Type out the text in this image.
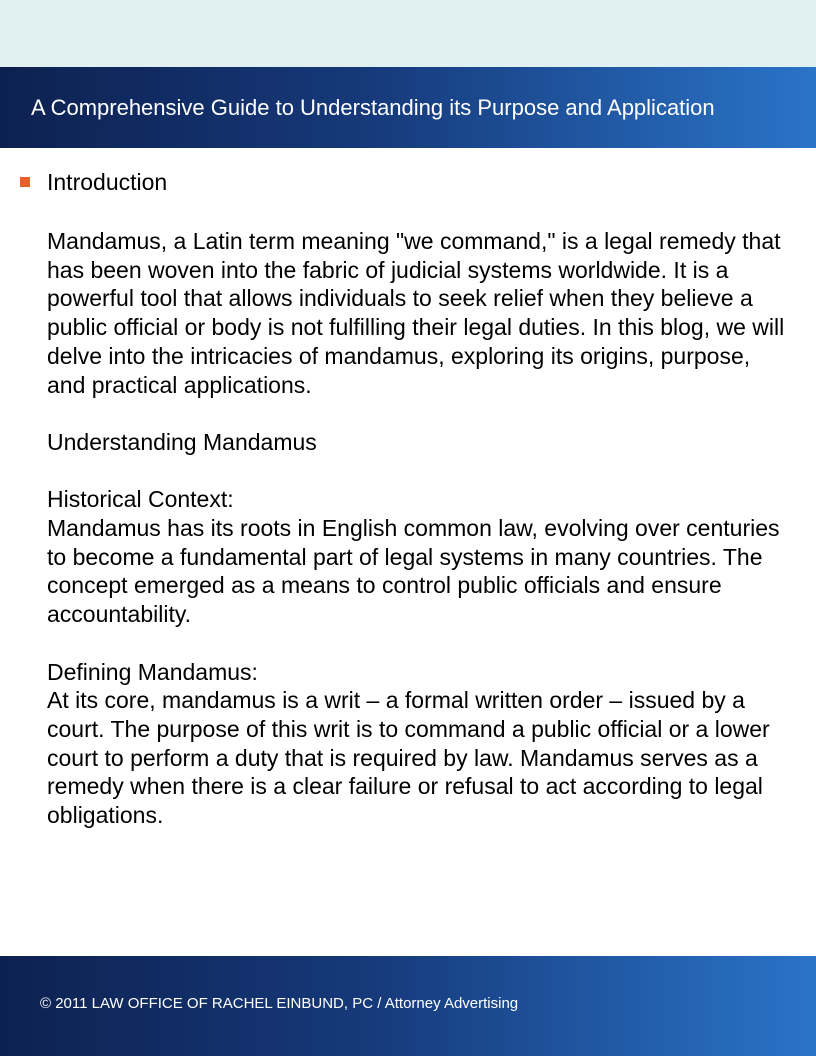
A Comprehensive Guide to Understanding its Purpose and Application
Introduction

Mandamus, a Latin term meaning "we command," is a legal remedy that has been woven into the fabric of judicial systems worldwide. It is a powerful tool that allows individuals to seek relief when they believe a public official or body is not fulfilling their legal duties. In this blog, we will delve into the intricacies of mandamus, exploring its origins, purpose, and practical applications.

Understanding Mandamus

Historical Context:

Mandamus has its roots in English common law, evolving over centuries to become a fundamental part of legal systems in many countries. The concept emerged as a means to control public officials and ensure accountability.

Defining Mandamus:

At its core, mandamus is a writ – a formal written order – issued by a court. The purpose of this writ is to command a public official or a lower court to perform a duty that is required by law. Mandamus serves as a remedy when there is a clear failure or refusal to act according to legal obligations.

© 2011 LAW OFFICE OF RACHEL EINBUND, PC / Attorney Advertising
